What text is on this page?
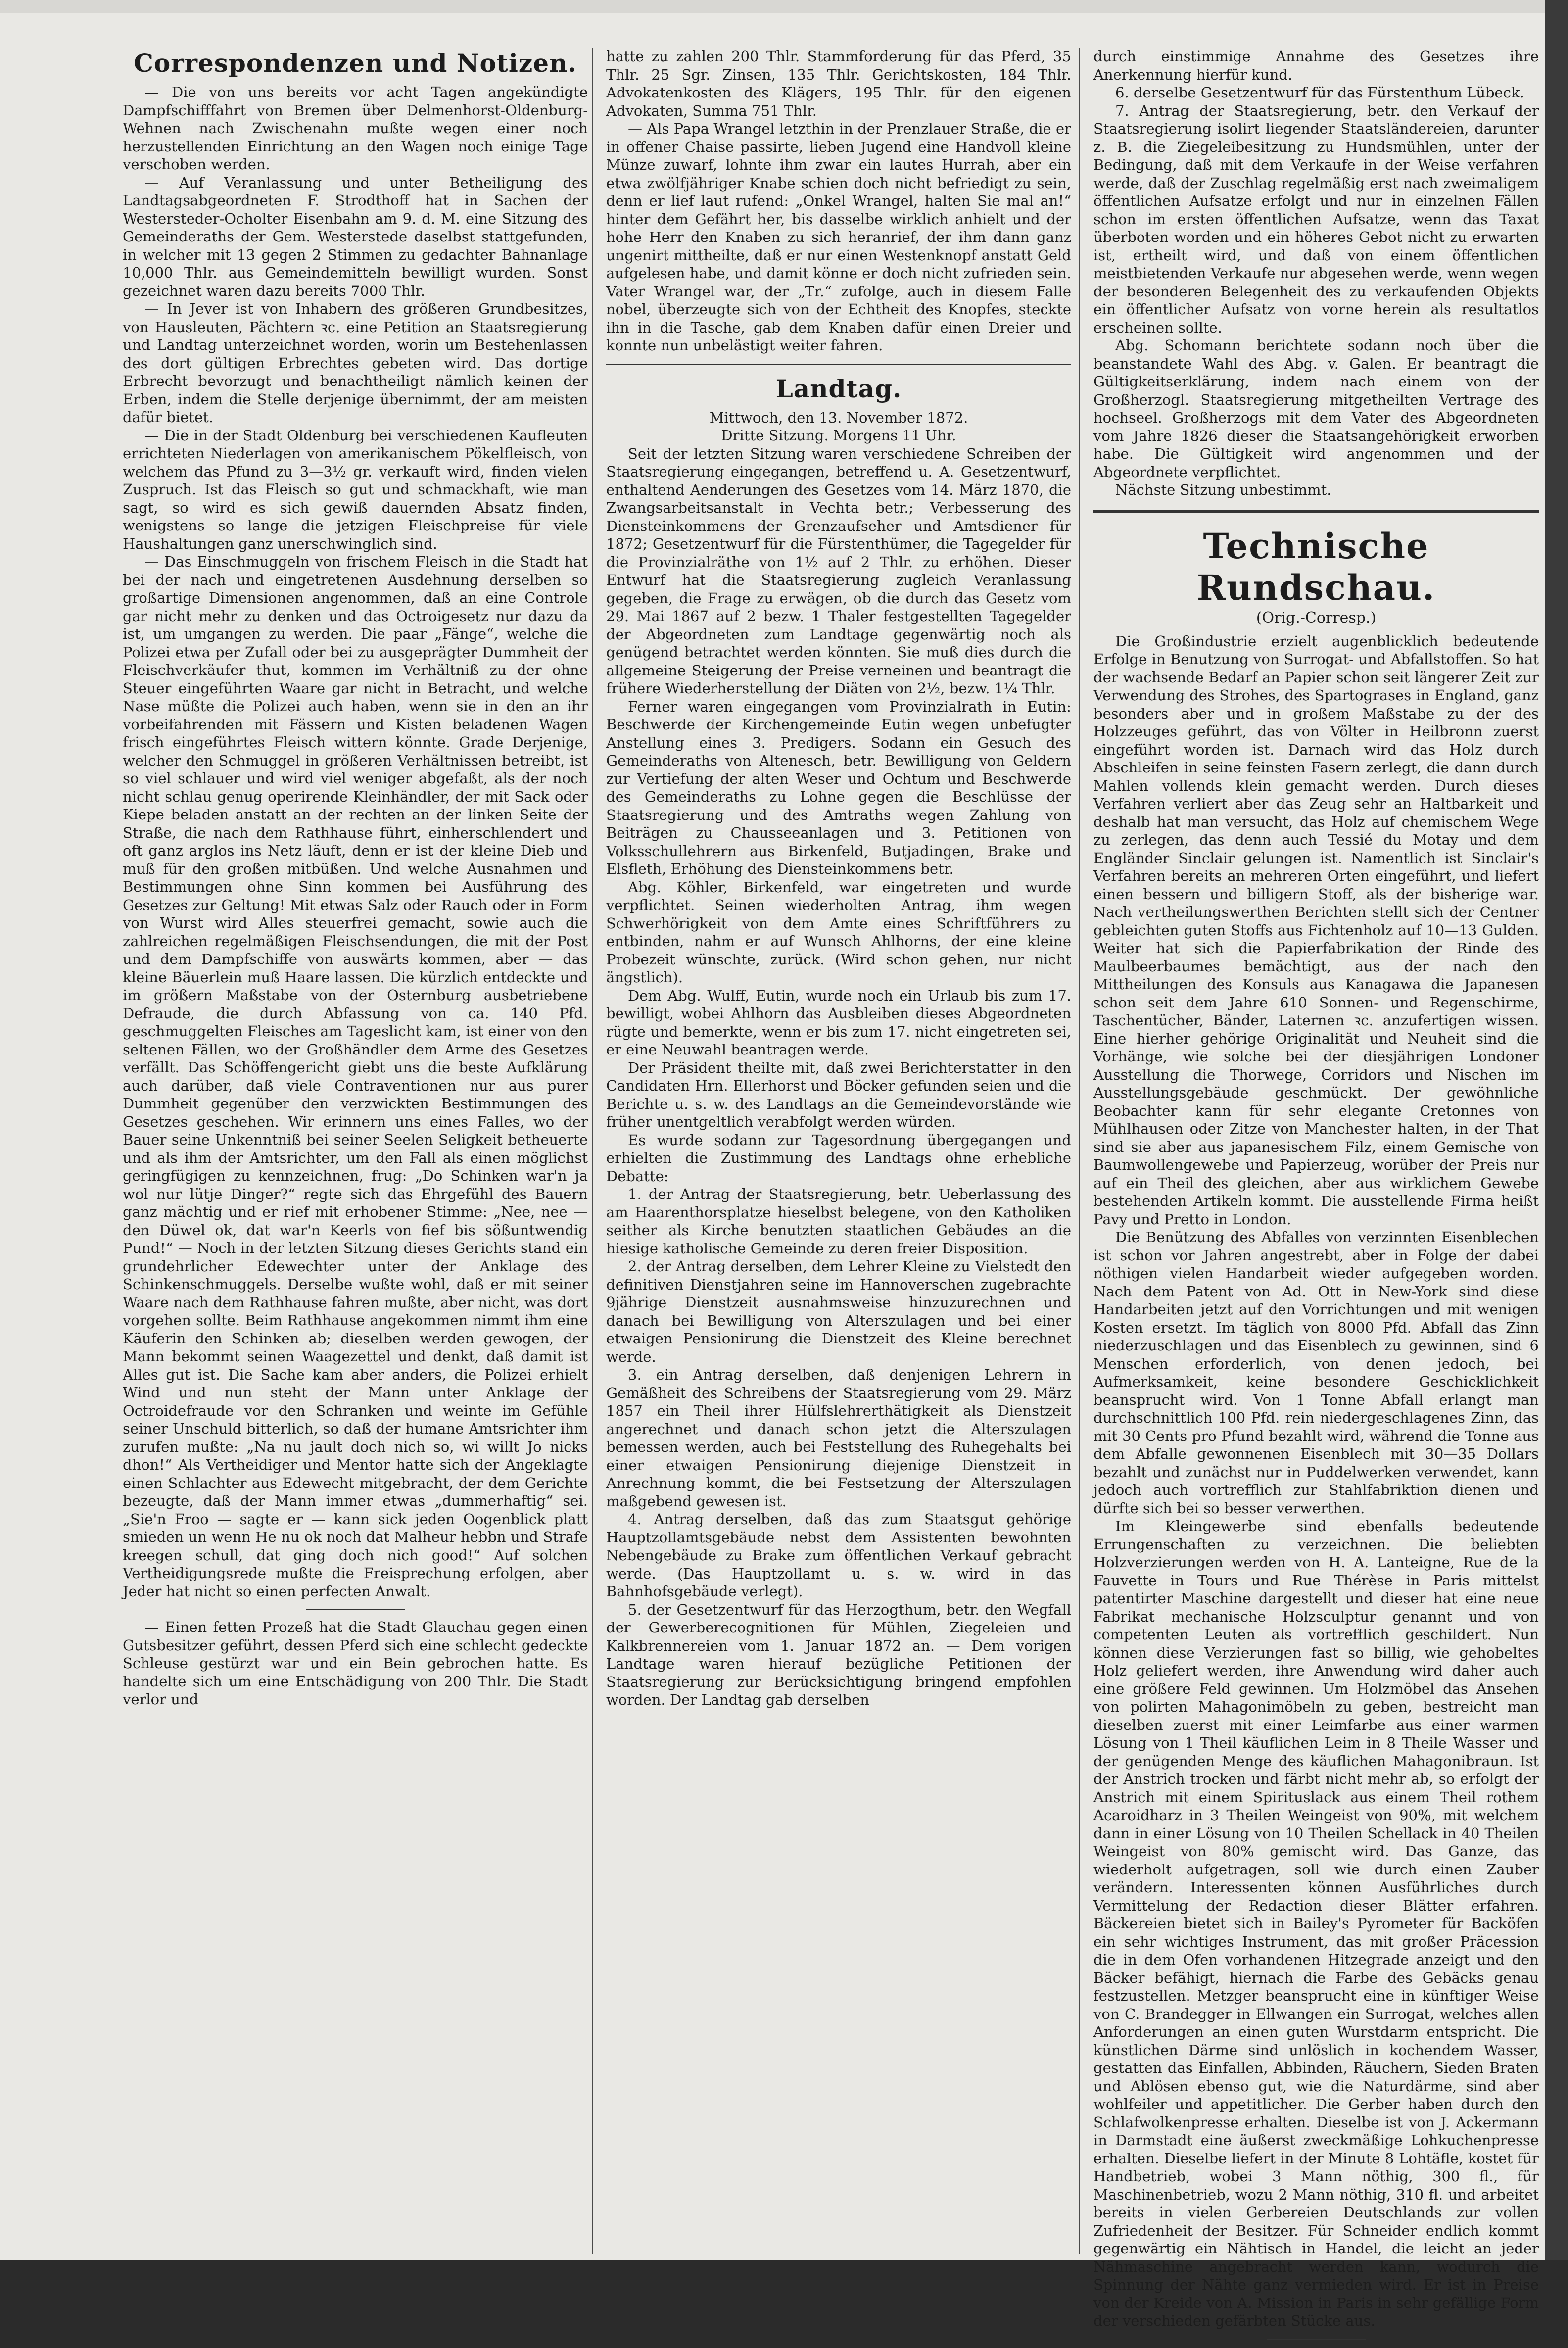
Correspondenzen und Notizen.

— Die von uns bereits vor acht Tagen angekündigte Dampfschifffahrt von Bremen über Delmenhorst-Oldenburg-Wehnen nach Zwischenahn mußte wegen einer noch herzustellenden Einrichtung an den Wagen noch einige Tage verschoben werden.

— Auf Veranlassung und unter Betheiligung des Landtagsabgeordneten F. Strodthoff hat in Sachen der Westersteder-Ocholter Eisenbahn am 9. d. M. eine Sitzung des Gemeinderaths der Gem. Westerstede daselbst stattgefunden, in welcher mit 13 gegen 2 Stimmen zu gedachter Bahnanlage 10,000 Thlr. aus Gemeindemitteln bewilligt wurden. Sonst gezeichnet waren dazu bereits 7000 Thlr.

— In Jever ist von Inhabern des größeren Grundbesitzes, von Hausleuten, Pächtern ꝛc. eine Petition an Staatsregierung und Landtag unterzeichnet worden, worin um Bestehenlassen des dort gültigen Erbrechtes gebeten wird. Das dortige Erbrecht bevorzugt und benachtheiligt nämlich keinen der Erben, indem die Stelle derjenige übernimmt, der am meisten dafür bietet.

— Die in der Stadt Oldenburg bei verschiedenen Kaufleuten errichteten Niederlagen von amerikanischem Pökelfleisch, von welchem das Pfund zu 3—3½ gr. verkauft wird, finden vielen Zuspruch. Ist das Fleisch so gut und schmackhaft, wie man sagt, so wird es sich gewiß dauernden Absatz finden, wenigstens so lange die jetzigen Fleischpreise für viele Haushaltungen ganz unerschwinglich sind.

— Das Einschmuggeln von frischem Fleisch in die Stadt hat bei der nach und eingetretenen Ausdehnung derselben so großartige Dimensionen angenommen, daß an eine Controle gar nicht mehr zu denken und das Octroigesetz nur dazu da ist, um umgangen zu werden. Die paar „Fänge“, welche die Polizei etwa per Zufall oder bei zu ausgeprägter Dummheit der Fleischverkäufer thut, kommen im Verhältniß zu der ohne Steuer eingeführten Waare gar nicht in Betracht, und welche Nase müßte die Polizei auch haben, wenn sie in den an ihr vorbeifahrenden mit Fässern und Kisten beladenen Wagen frisch eingeführtes Fleisch wittern könnte. Grade Derjenige, welcher den Schmuggel in größeren Verhältnissen betreibt, ist so viel schlauer und wird viel weniger abgefaßt, als der noch nicht schlau genug operirende Kleinhändler, der mit Sack oder Kiepe beladen anstatt an der rechten an der linken Seite der Straße, die nach dem Rathhause führt, einherschlendert und oft ganz arglos ins Netz läuft, denn er ist der kleine Dieb und muß für den großen mitbüßen. Und welche Ausnahmen und Bestimmungen ohne Sinn kommen bei Ausführung des Gesetzes zur Geltung! Mit etwas Salz oder Rauch oder in Form von Wurst wird Alles steuerfrei gemacht, sowie auch die zahlreichen regelmäßigen Fleischsendungen, die mit der Post und dem Dampfschiffe von auswärts kommen, aber — das kleine Bäuerlein muß Haare lassen. Die kürzlich entdeckte und im größern Maßstabe von der Osternburg ausbetriebene Defraude, die durch Abfassung von ca. 140 Pfd. geschmuggelten Fleisches am Tageslicht kam, ist einer von den seltenen Fällen, wo der Großhändler dem Arme des Gesetzes verfällt. Das Schöffengericht giebt uns die beste Aufklärung auch darüber, daß viele Contraventionen nur aus purer Dummheit gegenüber den verzwickten Bestimmungen des Gesetzes geschehen. Wir erinnern uns eines Falles, wo der Bauer seine Unkenntniß bei seiner Seelen Seligkeit betheuerte und als ihm der Amtsrichter, um den Fall als einen möglichst geringfügigen zu kennzeichnen, frug: „Do Schinken war'n ja wol nur lütje Dinger?“ regte sich das Ehrgefühl des Bauern ganz mächtig und er rief mit erhobener Stimme: „Nee, nee — den Düwel ok, dat war'n Keerls von fief bis sößuntwendig Pund!“ — Noch in der letzten Sitzung dieses Gerichts stand ein grundehrlicher Edewechter unter der Anklage des Schinkenschmuggels. Derselbe wußte wohl, daß er mit seiner Waare nach dem Rathhause fahren mußte, aber nicht, was dort vorgehen sollte. Beim Rathhause angekommen nimmt ihm eine Käuferin den Schinken ab; dieselben werden gewogen, der Mann bekommt seinen Waagezettel und denkt, daß damit ist Alles gut ist. Die Sache kam aber anders, die Polizei erhielt Wind und nun steht der Mann unter Anklage der Octroidefraude vor den Schranken und weinte im Gefühle seiner Unschuld bitterlich, so daß der humane Amtsrichter ihm zurufen mußte: „Na nu jault doch nich so, wi willt Jo nicks dhon!“ Als Vertheidiger und Mentor hatte sich der Angeklagte einen Schlachter aus Edewecht mitgebracht, der dem Gerichte bezeugte, daß der Mann immer etwas „dummerhaftig“ sei. „Sie'n Froo — sagte er — kann sick jeden Oogenblick platt smieden un wenn He nu ok noch dat Malheur hebbn und Strafe kreegen schull, dat ging doch nich good!“ Auf solchen Vertheidigungsrede mußte die Freisprechung erfolgen, aber Jeder hat nicht so einen perfecten Anwalt.

— Einen fetten Prozeß hat die Stadt Glauchau gegen einen Gutsbesitzer geführt, dessen Pferd sich eine schlecht gedeckte Schleuse gestürzt war und ein Bein gebrochen hatte. Es handelte sich um eine Entschädigung von 200 Thlr. Die Stadt verlor und

hatte zu zahlen 200 Thlr. Stammforderung für das Pferd, 35 Thlr. 25 Sgr. Zinsen, 135 Thlr. Gerichtskosten, 184 Thlr. Advokatenkosten des Klägers, 195 Thlr. für den eigenen Advokaten, Summa 751 Thlr.

— Als Papa Wrangel letzthin in der Prenzlauer Straße, die er in offener Chaise passirte, lieben Jugend eine Handvoll kleine Münze zuwarf, lohnte ihm zwar ein lautes Hurrah, aber ein etwa zwölfjähriger Knabe schien doch nicht befriedigt zu sein, denn er lief laut rufend: „Onkel Wrangel, halten Sie mal an!“ hinter dem Gefährt her, bis dasselbe wirklich anhielt und der hohe Herr den Knaben zu sich heranrief, der ihm dann ganz ungenirt mittheilte, daß er nur einen Westenknopf anstatt Geld aufgelesen habe, und damit könne er doch nicht zufrieden sein. Vater Wrangel war, der „Tr.“ zufolge, auch in diesem Falle nobel, überzeugte sich von der Echtheit des Knopfes, steckte ihn in die Tasche, gab dem Knaben dafür einen Dreier und konnte nun unbelästigt weiter fahren.

Landtag.
Mittwoch, den 13. November 1872.
Dritte Sitzung. Morgens 11 Uhr.

Seit der letzten Sitzung waren verschiedene Schreiben der Staatsregierung eingegangen, betreffend u. A. Gesetzentwurf, enthaltend Aenderungen des Gesetzes vom 14. März 1870, die Zwangsarbeitsanstalt in Vechta betr.; Verbesserung des Diensteinkommens der Grenzaufseher und Amtsdiener für 1872; Gesetzentwurf für die Fürstenthümer, die Tagegelder für die Provinzialräthe von 1½ auf 2 Thlr. zu erhöhen. Dieser Entwurf hat die Staatsregierung zugleich Veranlassung gegeben, die Frage zu erwägen, ob die durch das Gesetz vom 29. Mai 1867 auf 2 bezw. 1 Thaler festgestellten Tagegelder der Abgeordneten zum Landtage gegenwärtig noch als genügend betrachtet werden könnten. Sie muß dies durch die allgemeine Steigerung der Preise verneinen und beantragt die frühere Wiederherstellung der Diäten von 2½, bezw. 1¼ Thlr.

Ferner waren eingegangen vom Provinzialrath in Eutin: Beschwerde der Kirchengemeinde Eutin wegen unbefugter Anstellung eines 3. Predigers. Sodann ein Gesuch des Gemeinderaths von Altenesch, betr. Bewilligung von Geldern zur Vertiefung der alten Weser und Ochtum und Beschwerde des Gemeinderaths zu Lohne gegen die Beschlüsse der Staatsregierung und des Amtraths wegen Zahlung von Beiträgen zu Chausseeanlagen und 3. Petitionen von Volksschullehrern aus Birkenfeld, Butjadingen, Brake und Elsfleth, Erhöhung des Diensteinkommens betr.

Abg. Köhler, Birkenfeld, war eingetreten und wurde verpflichtet. Seinen wiederholten Antrag, ihm wegen Schwerhörigkeit von dem Amte eines Schriftführers zu entbinden, nahm er auf Wunsch Ahlhorns, der eine kleine Probezeit wünschte, zurück. (Wird schon gehen, nur nicht ängstlich).

Dem Abg. Wulff, Eutin, wurde noch ein Urlaub bis zum 17. bewilligt, wobei Ahlhorn das Ausbleiben dieses Abgeordneten rügte und bemerkte, wenn er bis zum 17. nicht eingetreten sei, er eine Neuwahl beantragen werde.

Der Präsident theilte mit, daß zwei Berichterstatter in den Candidaten Hrn. Ellerhorst und Böcker gefunden seien und die Berichte u. s. w. des Landtags an die Gemeindevorstände wie früher unentgeltlich verabfolgt werden würden.

Es wurde sodann zur Tagesordnung übergegangen und erhielten die Zustimmung des Landtags ohne erhebliche Debatte:

1. der Antrag der Staatsregierung, betr. Ueberlassung des am Haarenthorsplatze hieselbst belegene, von den Katholiken seither als Kirche benutzten staatlichen Gebäudes an die hiesige katholische Gemeinde zu deren freier Disposition.

2. der Antrag derselben, dem Lehrer Kleine zu Vielstedt den definitiven Dienstjahren seine im Hannoverschen zugebrachte 9jährige Dienstzeit ausnahmsweise hinzuzurechnen und danach bei Bewilligung von Alterszulagen und bei einer etwaigen Pensionirung die Dienstzeit des Kleine berechnet werde.

3. ein Antrag derselben, daß denjenigen Lehrern in Gemäßheit des Schreibens der Staatsregierung vom 29. März 1857 ein Theil ihrer Hülfslehrerthätigkeit als Dienstzeit angerechnet und danach schon jetzt die Alterszulagen bemessen werden, auch bei Feststellung des Ruhegehalts bei einer etwaigen Pensionirung diejenige Dienstzeit in Anrechnung kommt, die bei Festsetzung der Alterszulagen maßgebend gewesen ist.

4. Antrag derselben, daß das zum Staatsgut gehörige Hauptzollamtsgebäude nebst dem Assistenten bewohnten Nebengebäude zu Brake zum öffentlichen Verkauf gebracht werde. (Das Hauptzollamt u. s. w. wird in das Bahnhofsgebäude verlegt).

5. der Gesetzentwurf für das Herzogthum, betr. den Wegfall der Gewerberecognitionen für Mühlen, Ziegeleien und Kalkbrennereien vom 1. Januar 1872 an. — Dem vorigen Landtage waren hierauf bezügliche Petitionen der Staatsregierung zur Berücksichtigung bringend empfohlen worden. Der Landtag gab derselben

durch einstimmige Annahme des Gesetzes ihre Anerkennung hierfür kund.

6. derselbe Gesetzentwurf für das Fürstenthum Lübeck.

7. Antrag der Staatsregierung, betr. den Verkauf der Staatsregierung isolirt liegender Staatsländereien, darunter z. B. die Ziegeleibesitzung zu Hundsmühlen, unter der Bedingung, daß mit dem Verkaufe in der Weise verfahren werde, daß der Zuschlag regelmäßig erst nach zweimaligem öffentlichen Aufsatze erfolgt und nur in einzelnen Fällen schon im ersten öffentlichen Aufsatze, wenn das Taxat überboten worden und ein höheres Gebot nicht zu erwarten ist, ertheilt wird, und daß von einem öffentlichen meistbietenden Verkaufe nur abgesehen werde, wenn wegen der besonderen Belegenheit des zu verkaufenden Objekts ein öffentlicher Aufsatz von vorne herein als resultatlos erscheinen sollte.

Abg. Schomann berichtete sodann noch über die beanstandete Wahl des Abg. v. Galen. Er beantragt die Gültigkeitserklärung, indem nach einem von der Großherzogl. Staatsregierung mitgetheilten Vertrage des hochseel. Großherzogs mit dem Vater des Abgeordneten vom Jahre 1826 dieser die Staatsangehörigkeit erworben habe. Die Gültigkeit wird angenommen und der Abgeordnete verpflichtet.

Nächste Sitzung unbestimmt.

Technische Rundschau.
(Orig.-Corresp.)

Die Großindustrie erzielt augenblicklich bedeutende Erfolge in Benutzung von Surrogat- und Abfallstoffen. So hat der wachsende Bedarf an Papier schon seit längerer Zeit zur Verwendung des Strohes, des Spartograses in England, ganz besonders aber und in großem Maßstabe zu der des Holzzeuges geführt, das von Völter in Heilbronn zuerst eingeführt worden ist. Darnach wird das Holz durch Abschleifen in seine feinsten Fasern zerlegt, die dann durch Mahlen vollends klein gemacht werden. Durch dieses Verfahren verliert aber das Zeug sehr an Haltbarkeit und deshalb hat man versucht, das Holz auf chemischem Wege zu zerlegen, das denn auch Tessié du Motay und dem Engländer Sinclair gelungen ist. Namentlich ist Sinclair's Verfahren bereits an mehreren Orten eingeführt, und liefert einen bessern und billigern Stoff, als der bisherige war. Nach vertheilungswerthen Berichten stellt sich der Centner gebleichten guten Stoffs aus Fichtenholz auf 10—13 Gulden. Weiter hat sich die Papierfabrikation der Rinde des Maulbeerbaumes bemächtigt, aus der nach den Mittheilungen des Konsuls aus Kanagawa die Japanesen schon seit dem Jahre 610 Sonnen- und Regenschirme, Taschentücher, Bänder, Laternen ꝛc. anzufertigen wissen. Eine hierher gehörige Originalität und Neuheit sind die Vorhänge, wie solche bei der diesjährigen Londoner Ausstellung die Thorwege, Corridors und Nischen im Ausstellungsgebäude geschmückt. Der gewöhnliche Beobachter kann für sehr elegante Cretonnes von Mühlhausen oder Zitze von Manchester halten, in der That sind sie aber aus japanesischem Filz, einem Gemische von Baumwollengewebe und Papierzeug, worüber der Preis nur auf ein Theil des gleichen, aber aus wirklichem Gewebe bestehenden Artikeln kommt. Die ausstellende Firma heißt Pavy und Pretto in London.

Die Benützung des Abfalles von verzinnten Eisenblechen ist schon vor Jahren angestrebt, aber in Folge der dabei nöthigen vielen Handarbeit wieder aufgegeben worden. Nach dem Patent von Ad. Ott in New-York sind diese Handarbeiten jetzt auf den Vorrichtungen und mit wenigen Kosten ersetzt. Im täglich von 8000 Pfd. Abfall das Zinn niederzuschlagen und das Eisenblech zu gewinnen, sind 6 Menschen erforderlich, von denen jedoch, bei Aufmerksamkeit, keine besondere Geschicklichkeit beansprucht wird. Von 1 Tonne Abfall erlangt man durchschnittlich 100 Pfd. rein niedergeschlagenes Zinn, das mit 30 Cents pro Pfund bezahlt wird, während die Tonne aus dem Abfalle gewonnenen Eisenblech mit 30—35 Dollars bezahlt und zunächst nur in Puddelwerken verwendet, kann jedoch auch vortrefflich zur Stahlfabriktion dienen und dürfte sich bei so besser verwerthen.

Im Kleingewerbe sind ebenfalls bedeutende Errungenschaften zu verzeichnen. Die beliebten Holzverzierungen werden von H. A. Lanteigne, Rue de la Fauvette in Tours und Rue Thérèse in Paris mittelst patentirter Maschine dargestellt und dieser hat eine neue Fabrikat mechanische Holzsculptur genannt und von competenten Leuten als vortrefflich geschildert. Nun können diese Verzierungen fast so billig, wie gehobeltes Holz geliefert werden, ihre Anwendung wird daher auch eine größere Feld gewinnen. Um Holzmöbel das Ansehen von polirten Mahagonimöbeln zu geben, bestreicht man dieselben zuerst mit einer Leimfarbe aus einer warmen Lösung von 1 Theil käuflichen Leim in 8 Theile Wasser und der genügenden Menge des käuflichen Mahagonibraun. Ist der Anstrich trocken und färbt nicht mehr ab, so erfolgt der Anstrich mit einem Spirituslack aus einem Theil rothem Acaroidharz in 3 Theilen Weingeist von 90%, mit welchem dann in einer Lösung von 10 Theilen Schellack in 40 Theilen Weingeist von 80% gemischt wird. Das Ganze, das wiederholt aufgetragen, soll wie durch einen Zauber verändern. Interessenten können Ausführliches durch Vermittelung der Redaction dieser Blätter erfahren. Bäckereien bietet sich in Bailey's Pyrometer für Backöfen ein sehr wichtiges Instrument, das mit großer Präcession die in dem Ofen vorhandenen Hitzegrade anzeigt und den Bäcker befähigt, hiernach die Farbe des Gebäcks genau festzustellen. Metzger beansprucht eine in künftiger Weise von C. Brandegger in Ellwangen ein Surrogat, welches allen Anforderungen an einen guten Wurstdarm entspricht. Die künstlichen Därme sind unlöslich in kochendem Wasser, gestatten das Einfallen, Abbinden, Räuchern, Sieden Braten und Ablösen ebenso gut, wie die Naturdärme, sind aber wohlfeiler und appetitlicher. Die Gerber haben durch den Schlafwolkenpresse erhalten. Dieselbe ist von J. Ackermann in Darmstadt eine äußerst zweckmäßige Lohkuchenpresse erhalten. Dieselbe liefert in der Minute 8 Lohtäfle, kostet für Handbetrieb, wobei 3 Mann nöthig, 300 fl., für Maschinenbetrieb, wozu 2 Mann nöthig, 310 fl. und arbeitet bereits in vielen Gerbereien Deutschlands zur vollen Zufriedenheit der Besitzer. Für Schneider endlich kommt gegenwärtig ein Nähtisch in Handel, die leicht an jeder Nähmaschine angebracht werden kann, wodurch die Spinnung der Nähte ganz vermieden wird. Er ist in Preise von der Kreide von A. Mission in Paris in sehr gefällige Form der verschieden gefärbten Stücke aus.
